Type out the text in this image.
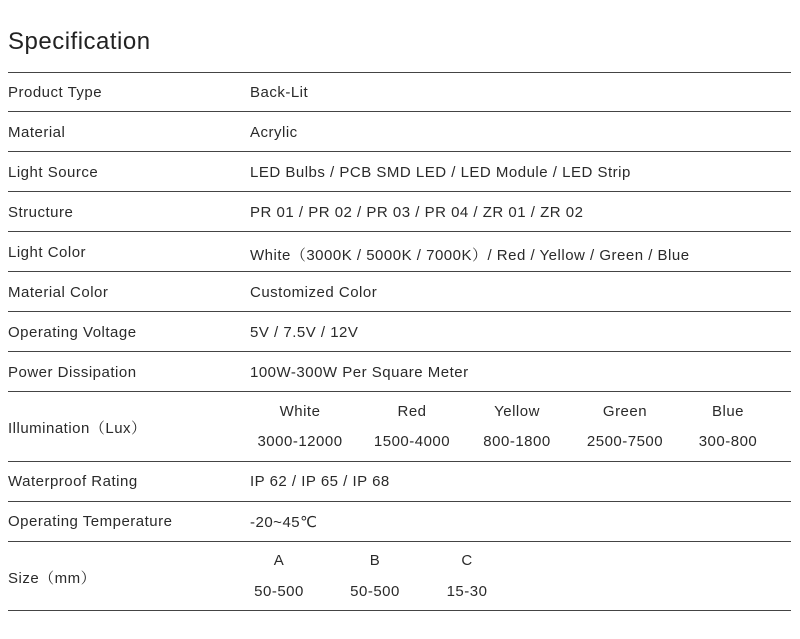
Specification
Product Type	Back-Lit
Material	Acrylic
Light Source	LED Bulbs / PCB SMD LED / LED Module / LED Strip
Structure	PR 01 / PR 02 / PR 03 / PR 04 / ZR 01 / ZR 02
Light Color	White（3000K / 5000K / 7000K）/ Red / Yellow / Green / Blue
Material Color	Customized Color
Operating Voltage	5V / 7.5V / 12V
Power Dissipation	100W-300W Per Square Meter
Illumination（Lux）
White	Red	Yellow	Green	Blue
3000-12000 1500-4000 800-1800 2500-7500 300-800
Waterproof Rating	IP 62 / IP 65 / IP 68
Operating Temperature	-20~45℃
Size（mm）
A	B	C
50-500	50-500	15-30
